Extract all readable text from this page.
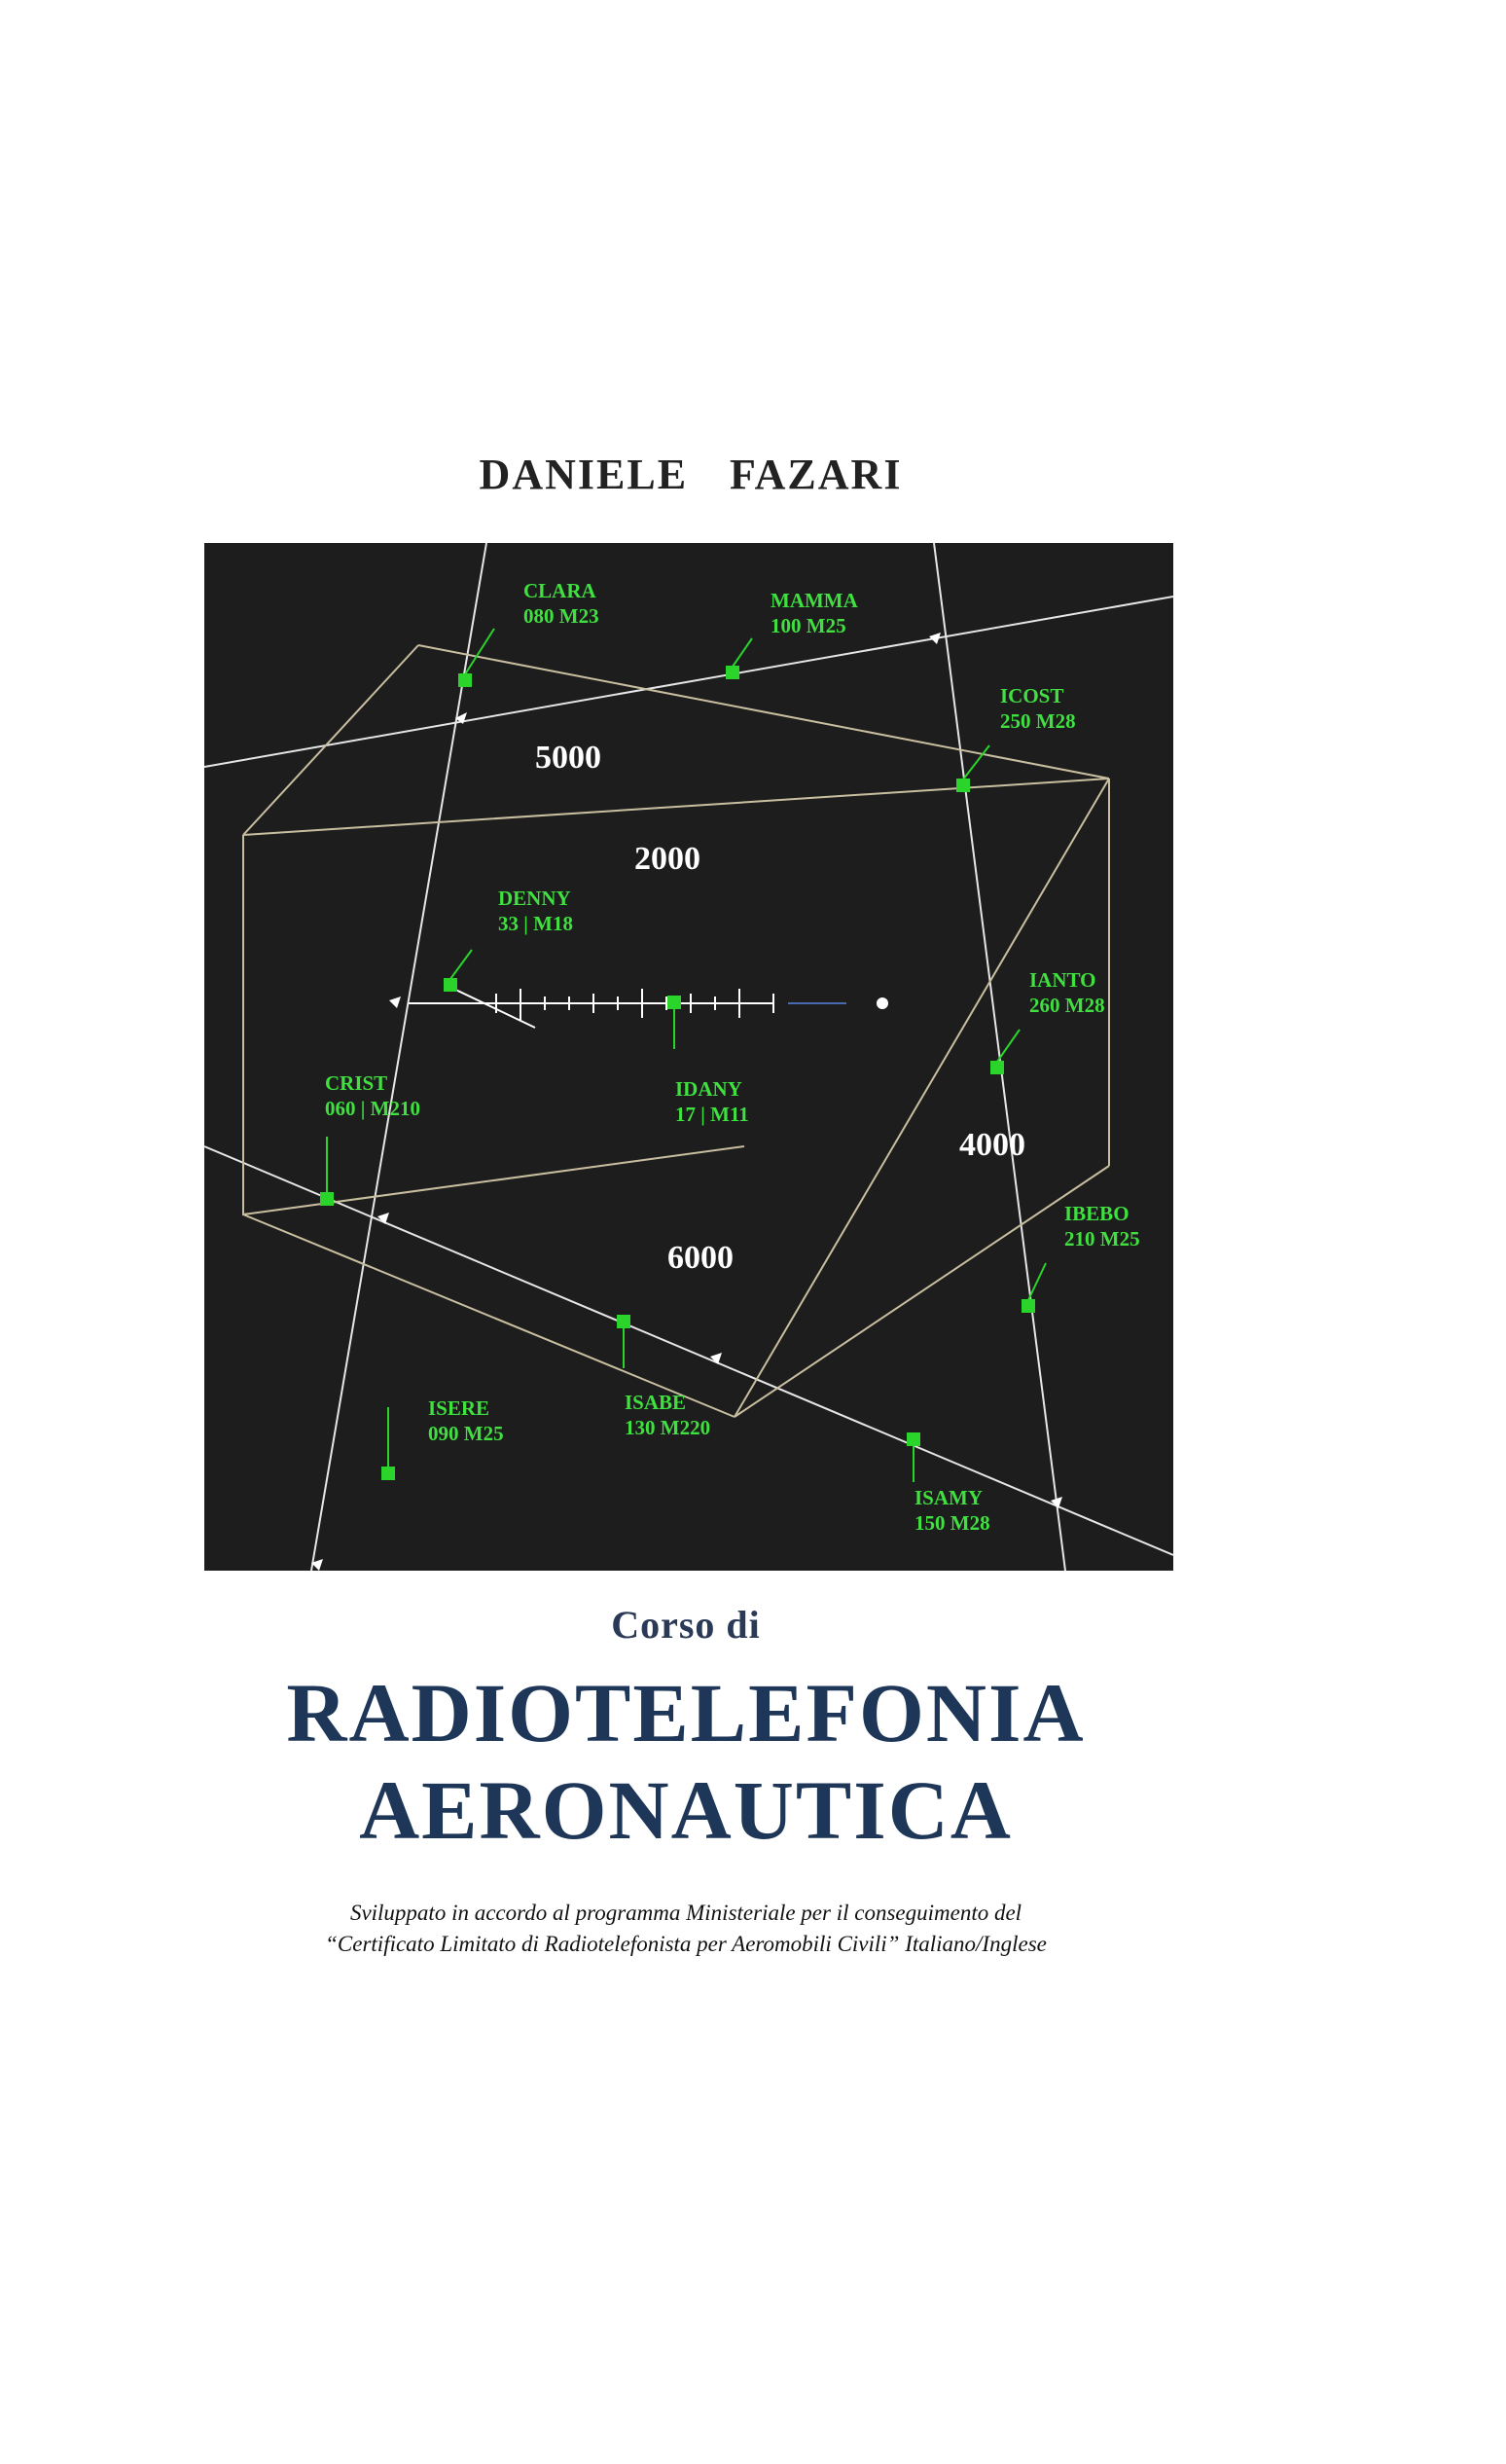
DANIELE FAZARI
5000
2000
4000
6000
CLARA
080 M23
MAMMA
100 M25
ICOST
250 M28
DENNY
33 | M18
IANTO
260 M28
CRIST
060 | M210
IDANY
17 | M11
IBEBO
210 M25
ISERE
090 M25
ISABE
130 M220
ISAMY
150 M28
Corso di
RADIOTELEFONIA
AERONAUTICA
Sviluppato in accordo al programma Ministeriale per il conseguimento del
“Certificato Limitato di Radiotelefonista per Aeromobili Civili” Italiano/Inglese
